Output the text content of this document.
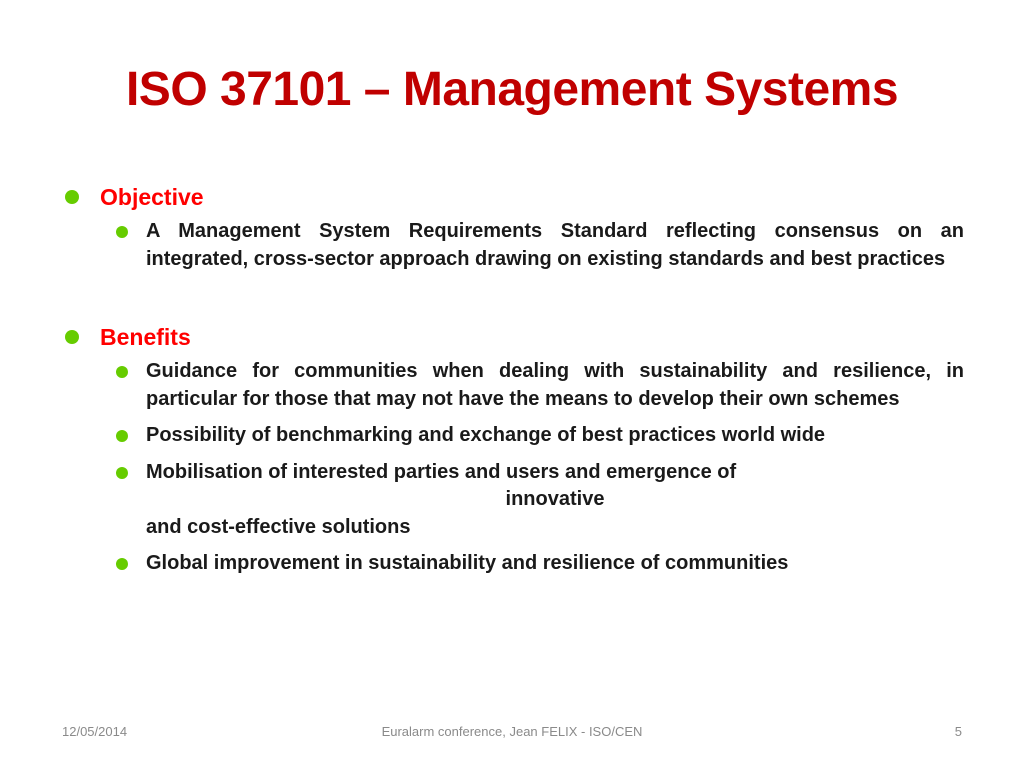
ISO 37101 – Management Systems
Objective
A Management System Requirements Standard reflecting consensus on an integrated, cross-sector approach drawing on existing standards and best practices
Benefits
Guidance for communities when dealing with sustainability and resilience, in particular for those that may not have the means to develop their own schemes
Possibility of benchmarking and exchange of best practices world wide
Mobilisation of interested parties and users and emergence of
innovative
and cost-effective solutions
Global improvement in sustainability and resilience of communities
12/05/2014	Euralarm conference, Jean FELIX - ISO/CEN	5
